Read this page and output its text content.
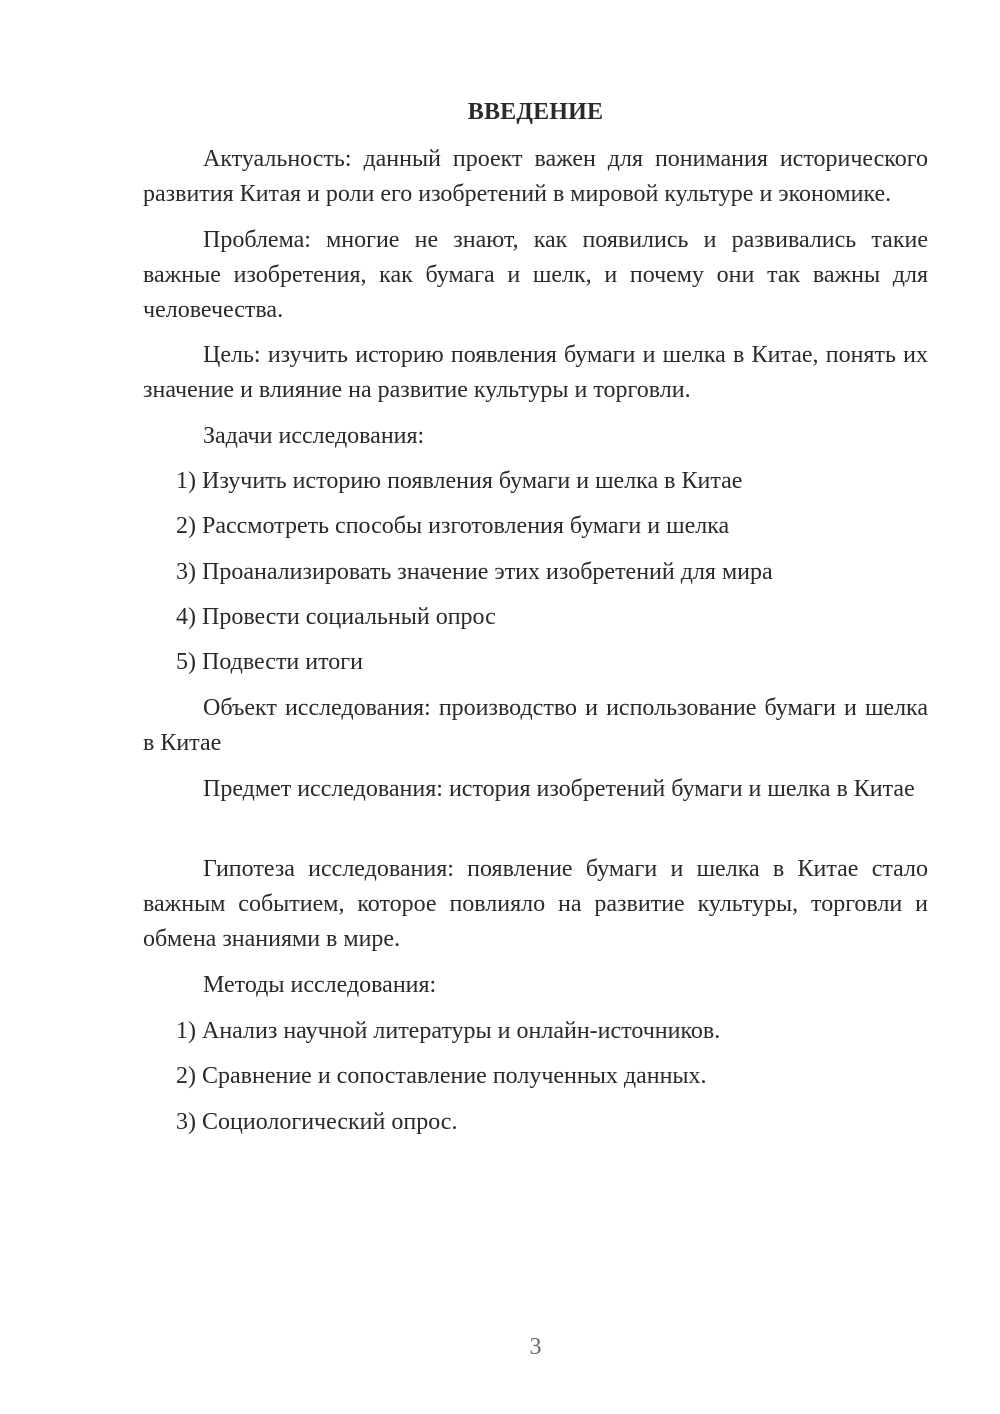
ВВЕДЕНИЕ

Актуальность: данный проект важен для понимания исторического развития Китая и роли его изобретений в мировой культуре и экономике.

Проблема: многие не знают, как появились и развивались такие важные изобретения, как бумага и шелк, и почему они так важны для человечества.

Цель: изучить историю появления бумаги и шелка в Китае, понять их значение и влияние на развитие культуры и торговли.

Задачи исследования:

1) Изучить историю появления бумаги и шелка в Китае

2) Рассмотреть способы изготовления бумаги и шелка

3) Проанализировать значение этих изобретений для мира

4) Провести социальный опрос

5) Подвести итоги

Объект исследования: производство и использование бумаги и шелка в Китае

Предмет исследования: история изобретений бумаги и шелка в Китае

Гипотеза исследования: появление бумаги и шелка в Китае стало важным событием, которое повлияло на развитие культуры, торговли и обмена знаниями в мире.

Методы исследования:

1) Анализ научной литературы и онлайн-источников.

2) Сравнение и сопоставление полученных данных.

3) Социологический опрос.

3
